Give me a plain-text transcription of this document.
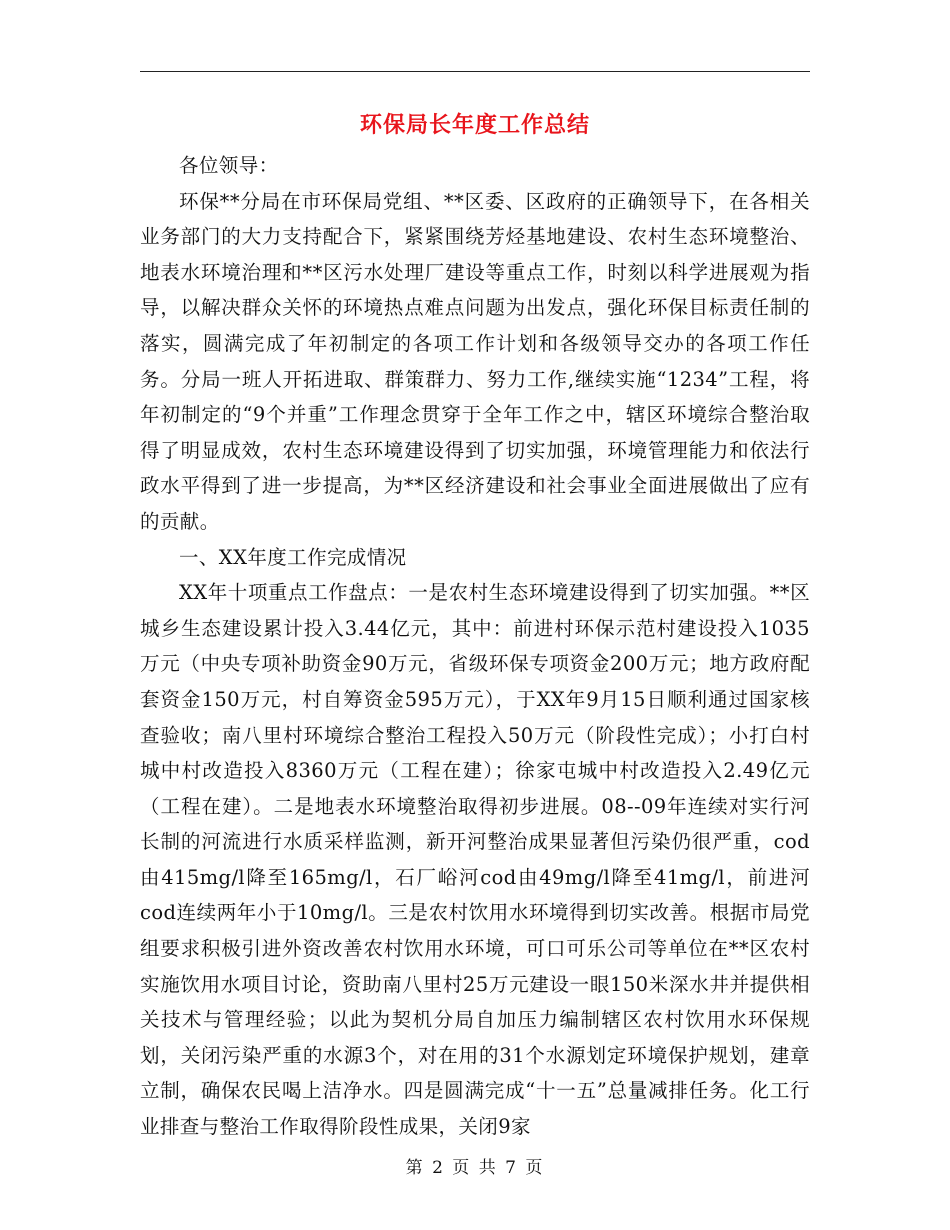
环保局长年度工作总结

各位领导：

环保**分局在市环保局党组、**区委、区政府的正确领导下，在各相关业务部门的大力支持配合下，紧紧围绕芳烃基地建设、农村生态环境整治、地表水环境治理和**区污水处理厂建设等重点工作，时刻以科学进展观为指导，以解决群众关怀的环境热点难点问题为出发点，强化环保目标责任制的落实，圆满完成了年初制定的各项工作计划和各级领导交办的各项工作任务。分局一班人开拓进取、群策群力、努力工作,继续实施“1234”工程，将年初制定的“9个并重”工作理念贯穿于全年工作之中，辖区环境综合整治取得了明显成效，农村生态环境建设得到了切实加强，环境管理能力和依法行政水平得到了进一步提高，为**区经济建设和社会事业全面进展做出了应有的贡献。

一、XX年度工作完成情况

XX年十项重点工作盘点：一是农村生态环境建设得到了切实加强。**区城乡生态建设累计投入3.44亿元，其中：前进村环保示范村建设投入1035万元（中央专项补助资金90万元，省级环保专项资金200万元；地方政府配套资金150万元，村自筹资金595万元），于XX年9月15日顺利通过国家核查验收；南八里村环境综合整治工程投入50万元（阶段性完成）；小打白村城中村改造投入8360万元（工程在建）；徐家屯城中村改造投入2.49亿元（工程在建）。二是地表水环境整治取得初步进展。08--09年连续对实行河长制的河流进行水质采样监测，新开河整治成果显著但污染仍很严重，cod由415mg/l降至165mg/l，石厂峪河cod由49mg/l降至41mg/l，前进河cod连续两年小于10mg/l。三是农村饮用水环境得到切实改善。根据市局党组要求积极引进外资改善农村饮用水环境，可口可乐公司等单位在**区农村实施饮用水项目讨论，资助南八里村25万元建设一眼150米深水井并提供相关技术与管理经验；以此为契机分局自加压力编制辖区农村饮用水环保规划，关闭污染严重的水源3个，对在用的31个水源划定环境保护规划，建章立制，确保农民喝上洁净水。四是圆满完成“十一五”总量减排任务。化工行业排查与整治工作取得阶段性成果，关闭9家

第 2 页 共 7 页
